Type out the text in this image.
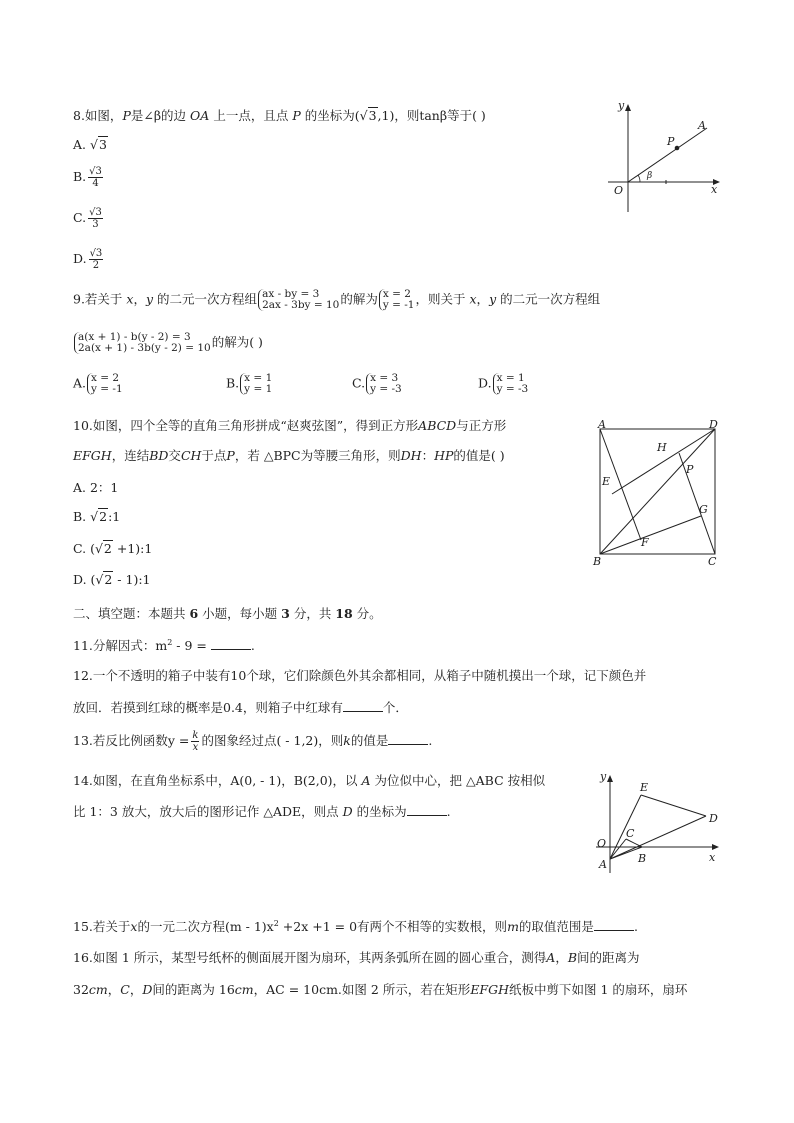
8.如图，P是∠β的边 OA 上一点，且点 P 的坐标为(√3,1)，则tanβ等于( )
A. √3
B. $\frac{√3}{4}$
C. $\frac{√3}{3}$
D. $\frac{√3}{2}$
y
x
O
P
A
β
9.若关于 x，y 的二元一次方程组 ax - by = 3
2ax - 3by = 10 的解为 x = 2
y = -1 ，则关于 x，y 的二元一次方程组
a(x + 1) - b(y - 2) = 3
2a(x + 1) - 3b(y - 2) = 10 的解为( )
A. x = 2
y = -1	B. x = 1
y = 1	C. x = 3
y = -3	D. x = 1
y = -3
10.如图，四个全等的直角三角形拼成“赵爽弦图”，得到正方形ABCD与正方形
EFGH，连结BD交CH于点P，若 △BPC为等腰三角形，则DH：HP的值是( )
A. 2：1
B. √2:1
C. (√2 +1):1
D. (√2 - 1):1
A	D
B	C
E
F
G
H
P
二、填空题：本题共 6 小题，每小题 3 分，共 18 分。
11.分解因式：$m^2 - 9$ =	.
12.一个不透明的箱子中装有10个球，它们除颜色外其余都相同，从箱子中随机摸出一个球，记下颜色并
放回．若摸到红球的概率是0.4，则箱子中红球有	个．
13.若反比例函数$y = \frac{k}{x}$ 的图象经过点( - 1,2)，则k的值是	.
14.如图，在直角坐标系中，A(0, - 1)，B(2,0)，以 A 为位似中心，把 △ABC 按相似
比 1：3 放大，放大后的图形记作 △ADE，则点 D 的坐标为	.
y
x
O
A	B
C
D
E
15.若关于x的一元二次方程$(m - 1)x^2 +2x +1 = 0$有两个不相等的实数根，则m的取值范围是	.
16.如图 1 所示，某型号纸杯的侧面展开图为扇环，其两条弧所在圆的圆心重合，测得A，B间的距离为
32cm，C，D间的距离为 16cm，AC = 10cm.如图 2 所示，若在矩形EFGH纸板中剪下如图 1 的扇环，扇环
